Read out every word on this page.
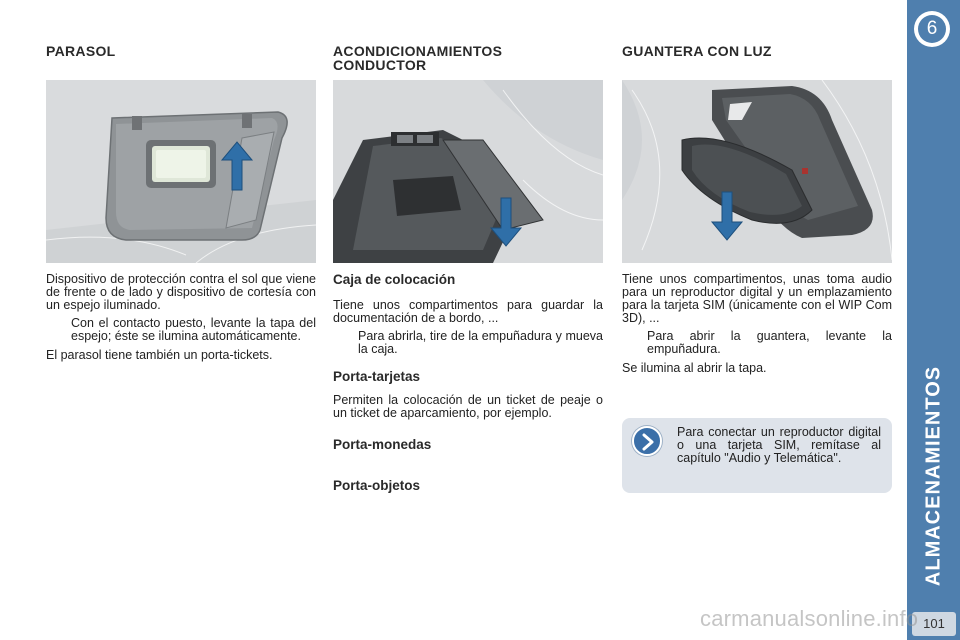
PARASOL

Dispositivo de protección contra el sol que viene de frente o de lado y dispositivo de cortesía con un espejo iluminado.

Con el contacto puesto, levante la tapa del espejo; éste se ilumina automáticamente.

El parasol tiene también un porta-tickets.

ACONDICIONAMIENTOS
CONDUCTOR
Caja de colocación

Tiene unos compartimentos para guardar la documentación de a bordo, ...

Para abrirla, tire de la empuñadura y mueva la caja.
Porta-tarjetas

Permiten la colocación de un ticket de peaje o un ticket de aparcamiento, por ejemplo.

Porta-monedas
Porta-objetos
GUANTERA CON LUZ

Tiene unos compartimentos, unas toma audio para un reproductor digital y un emplazamiento para la tarjeta SIM (únicamente con el WIP Com 3D), ...

Para abrir la guantera, levante la empuñadura.

Se ilumina al abrir la tapa.

Para conectar un reproductor digital o una tarjeta SIM, remítase al capítulo "Audio y Telemática".
6
ALMACENAMIENTOS
101
carmanualsonline.info
